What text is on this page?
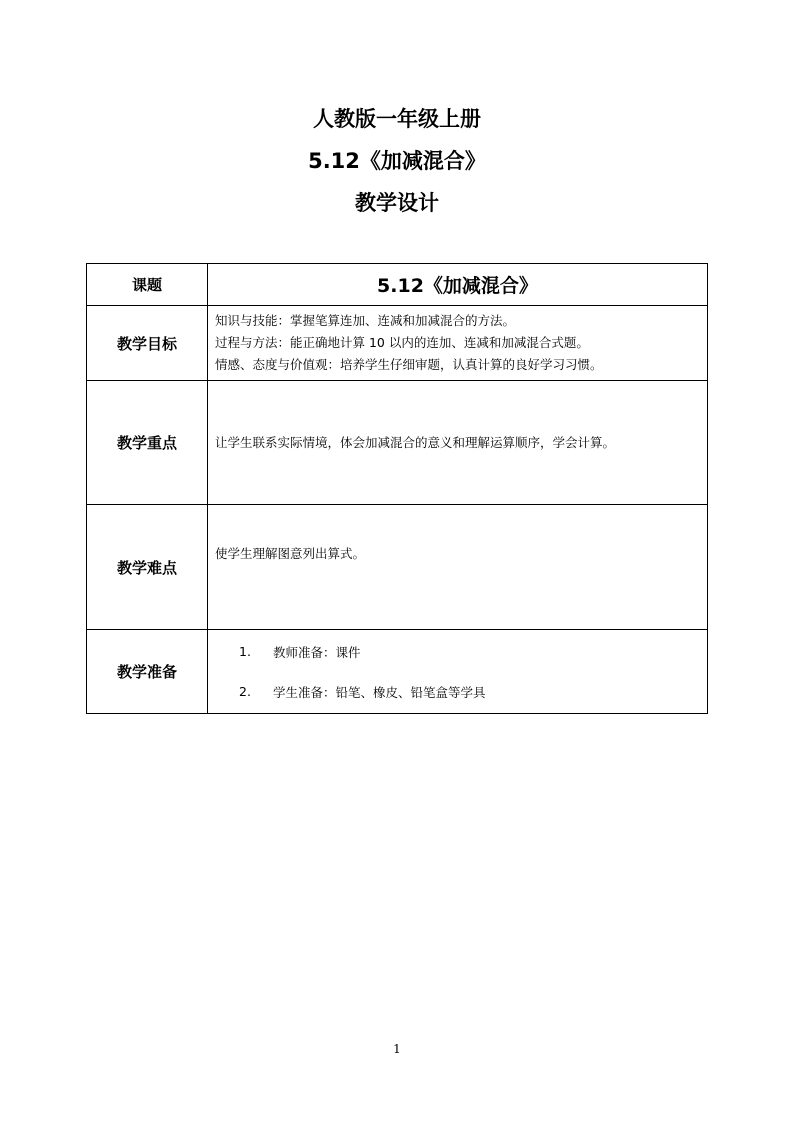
人教版一年级上册
5.12《加减混合》
教学设计
课题	5.12《加减混合》
教学目标	知识与技能：掌握笔算连加、连减和加减混合的方法。
过程与方法：能正确地计算 10 以内的连加、连减和加减混合式题。
情感、态度与价值观：培养学生仔细审题，认真计算的良好学习习惯。

教学重点	让学生联系实际情境，体会加减混合的意义和理解运算顺序，学会计算。

教学难点	使学生理解图意列出算式。

教学准备	1. 教师准备：课件
2. 学生准备：铅笔、橡皮、铅笔盒等学具
1
